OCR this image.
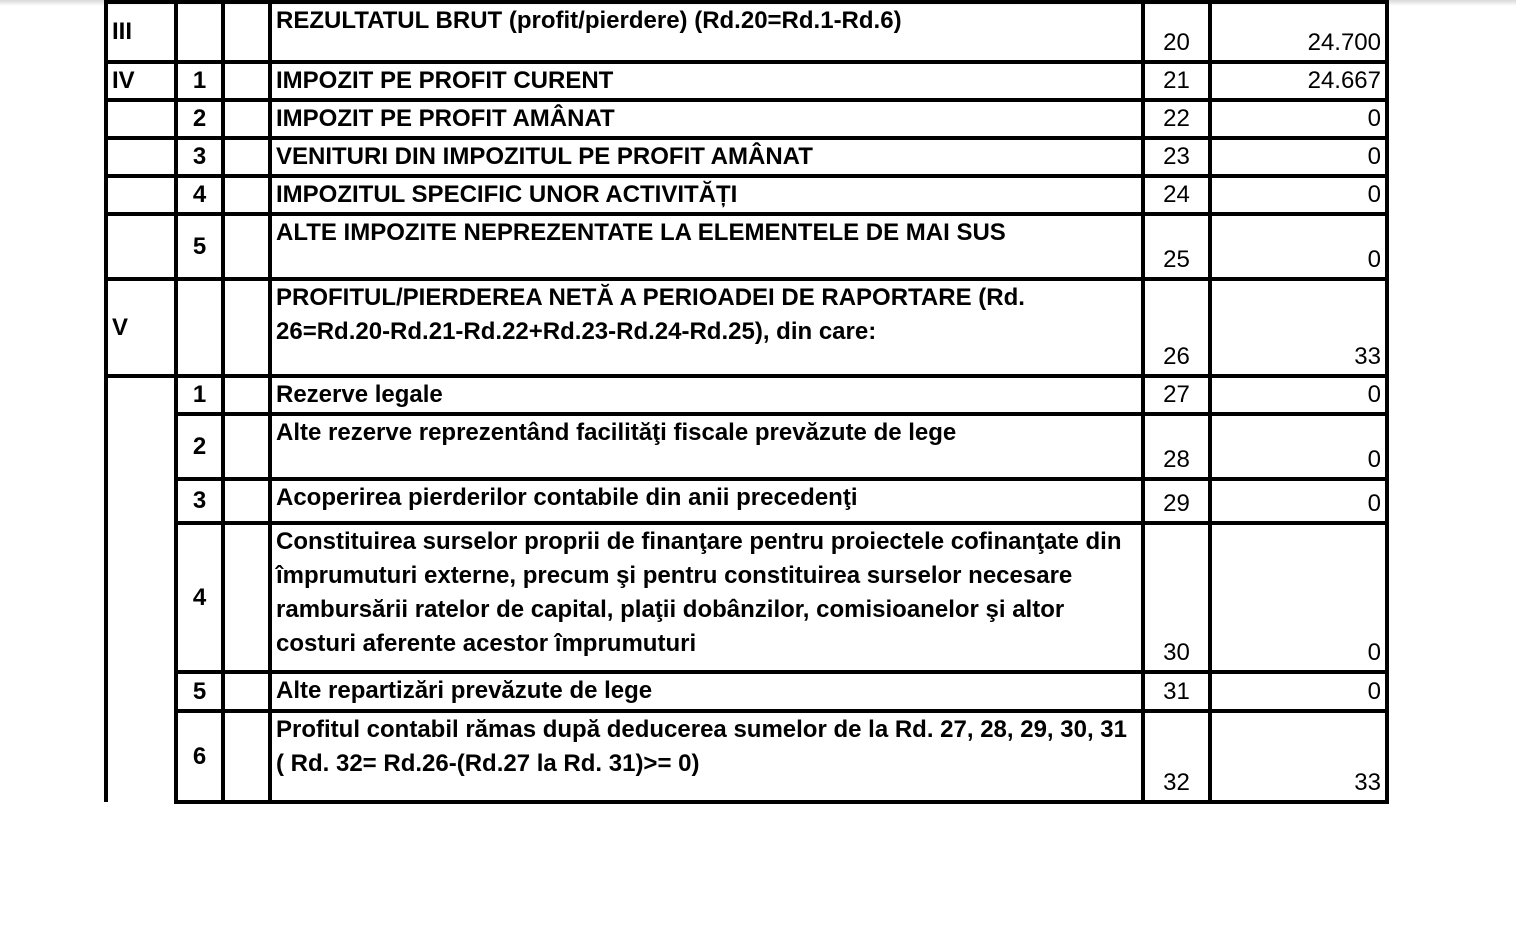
III			REZULTATUL BRUT (profit/pierdere) (Rd.20=Rd.1-Rd.6)	20	24.700
IV	1		IMPOZIT PE PROFIT CURENT	21	24.667
	2		IMPOZIT PE PROFIT AMÂNAT	22	0
	3		VENITURI DIN IMPOZITUL PE PROFIT AMÂNAT	23	0
	4		IMPOZITUL SPECIFIC UNOR ACTIVITĂȚI	24	0
	5		ALTE IMPOZITE NEPREZENTATE LA ELEMENTELE DE MAI SUS	25	0
V			PROFITUL/PIERDEREA NETĂ A PERIOADEI DE RAPORTARE (Rd. 26=Rd.20-Rd.21-Rd.22+Rd.23-Rd.24-Rd.25), din care:	26	33
	1		Rezerve legale	27	0
	2		Alte rezerve reprezentând facilităţi fiscale prevăzute de lege	28	0
	3		Acoperirea pierderilor contabile din anii precedenţi	29	0
	4		Constituirea surselor proprii de finanţare pentru proiectele cofinanţate din împrumuturi externe, precum şi pentru constituirea surselor necesare rambursării ratelor de capital, plaţii dobânzilor, comisioanelor şi altor costuri aferente acestor împrumuturi	30	0
	5		Alte repartizări prevăzute de lege	31	0
	6		Profitul contabil rămas după deducerea sumelor de la Rd. 27, 28, 29, 30, 31 ( Rd. 32= Rd.26-(Rd.27 la Rd. 31)>= 0)	32	33
